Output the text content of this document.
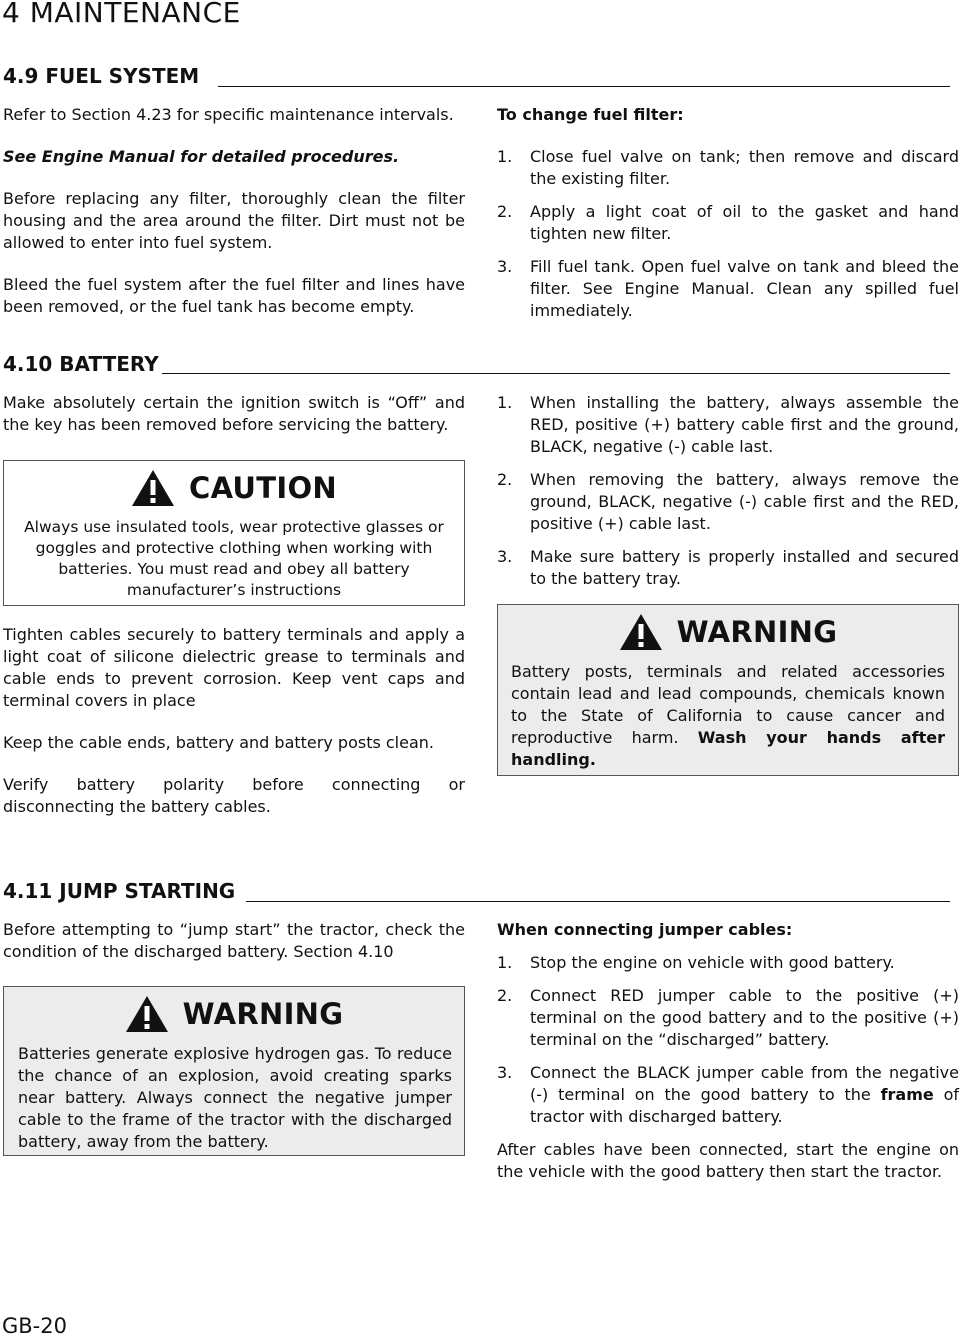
4 MAINTENANCE
4.9 FUEL SYSTEM

Refer to Section 4.23 for specific maintenance intervals.

See Engine Manual for detailed procedures.

Before replacing any filter, thoroughly clean the filter housing and the area around the filter. Dirt must not be allowed to enter into fuel system.

Bleed the fuel system after the fuel filter and lines have been removed, or the fuel tank has become empty.

To change fuel filter:
1. Close fuel valve on tank; then remove and discard the existing filter.
2. Apply a light coat of oil to the gasket and hand tighten new filter.
3. Fill fuel tank. Open fuel valve on tank and bleed the filter. See Engine Manual. Clean any spilled fuel immediately.
4.10 BATTERY

Make absolutely certain the ignition switch is “Off” and the key has been removed before servicing the battery.

CAUTION

Always use insulated tools, wear protective glasses or goggles and protective clothing when working with batteries. You must read and obey all battery manufacturer’s instructions

Tighten cables securely to battery terminals and apply a light coat of silicone dielectric grease to terminals and cable ends to prevent corrosion. Keep vent caps and terminal covers in place

Keep the cable ends, battery and battery posts clean.

Verify battery polarity before connecting or disconnecting the battery cables.

1. When installing the battery, always assemble the RED, positive (+) battery cable first and the ground, BLACK, negative (-) cable last.
2. When removing the battery, always remove the ground, BLACK, negative (-) cable first and the RED, positive (+) cable last.
3. Make sure battery is properly installed and secured to the battery tray.
WARNING

Battery posts, terminals and related accessories contain lead and lead compounds, chemicals known to the State of California to cause cancer and reproductive harm. Wash your hands after handling.

4.11 JUMP STARTING

Before attempting to “jump start” the tractor, check the condition of the discharged battery. Section 4.10

WARNING

Batteries generate explosive hydrogen gas. To reduce the chance of an explosion, avoid creating sparks near battery. Always connect the negative jumper cable to the frame of the tractor with the discharged battery, away from the battery.

When connecting jumper cables:
1. Stop the engine on vehicle with good battery.
2. Connect RED jumper cable to the positive (+) terminal on the good battery and to the positive (+) terminal on the “discharged” battery.
3. Connect the BLACK jumper cable from the negative (-) terminal on the good battery to the frame of tractor with discharged battery.

After cables have been connected, start the engine on the vehicle with the good battery then start the tractor.

GB-20
